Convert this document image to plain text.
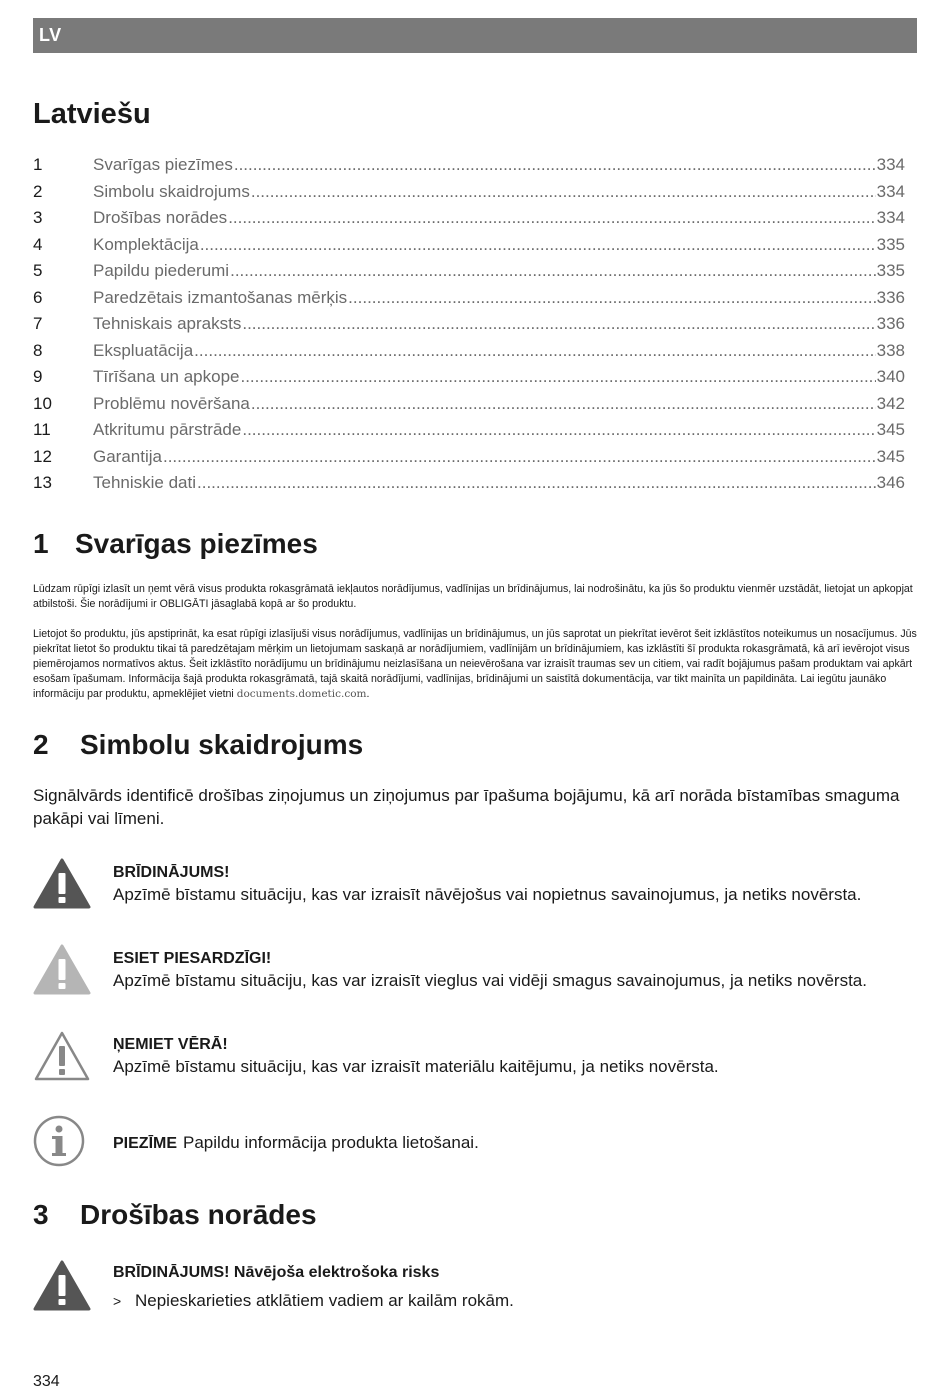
LV
Latviešu
1	Svarīgas piezīmes .....	334
2	Simbolu skaidrojums .....	334
3	Drošības norādes .....	334
4	Komplektācija .....	335
5	Papildu piederumi .....	335
6	Paredzētais izmantošanas mērķis .....	336
7	Tehniskais apraksts .....	336
8	Ekspluatācija .....	338
9	Tīrīšana un apkope .....	340
10	Problēmu novēršana .....	342
11	Atkritumu pārstrāde .....	345
12	Garantija .....	345
13	Tehniskie dati .....	346
1 Svarīgas piezīmes

Lūdzam rūpīgi izlasīt un ņemt vērā visus produkta rokasgrāmatā iekļautos norādījumus, vadlīnijas un brīdinājumus, lai nodrošinātu, ka jūs šo produktu vienmēr uzstādāt, lietojat un apkopjat atbilstoši. Šie norādījumi ir OBLIGĀTI jāsaglabā kopā ar šo produktu.

Lietojot šo produktu, jūs apstiprināt, ka esat rūpīgi izlasījuši visus norādījumus, vadlīnijas un brīdinājumus, un jūs saprotat un piekrītat ievērot šeit izklāstītos noteikumus un nosacījumus. Jūs piekrītat lietot šo produktu tikai tā paredzētajam mērķim un lietojumam saskaņā ar norādījumiem, vadlīnijām un brīdinājumiem, kas izklāstīti šī produkta rokasgrāmatā, kā arī ievērojot visus piemērojamos normatīvos aktus. Šeit izklāstīto norādījumu un brīdinājumu neizlasīšana un neievērošana var izraisīt traumas sev un citiem, vai radīt bojājumus pašam produktam vai apkārt esošam īpašumam. Informācija šajā produkta rokasgrāmatā, tajā skaitā norādījumi, vadlīnijas, brīdinājumi un saistītā dokumentācija, var tikt mainīta un papildināta. Lai iegūtu jaunāko informāciju par produktu, apmeklējiet vietni documents.dometic.com.

2	Simbolu skaidrojums

Signālvārds identificē drošības ziņojumus un ziņojumus par īpašuma bojājumu, kā arī norāda bīstamības smaguma pakāpi vai līmeni.

BRĪDINĀJUMS!
Apzīmē bīstamu situāciju, kas var izraisīt nāvējošus vai nopietnus savainojumus, ja netiks novērsta.
ESIET PIESARDZĪGI!
Apzīmē bīstamu situāciju, kas var izraisīt vieglus vai vidēji smagus savainojumus, ja netiks novērsta.
ŅEMIET VĒRĀ!
Apzīmē bīstamu situāciju, kas var izraisīt materiālu kaitējumu, ja netiks novērsta.
PIEZĪME Papildu informācija produkta lietošanai.
3	Drošības norādes
BRĪDINĀJUMS! Nāvējoša elektrošoka risks
> Nepieskarieties atklātiem vadiem ar kailām rokām.
334
